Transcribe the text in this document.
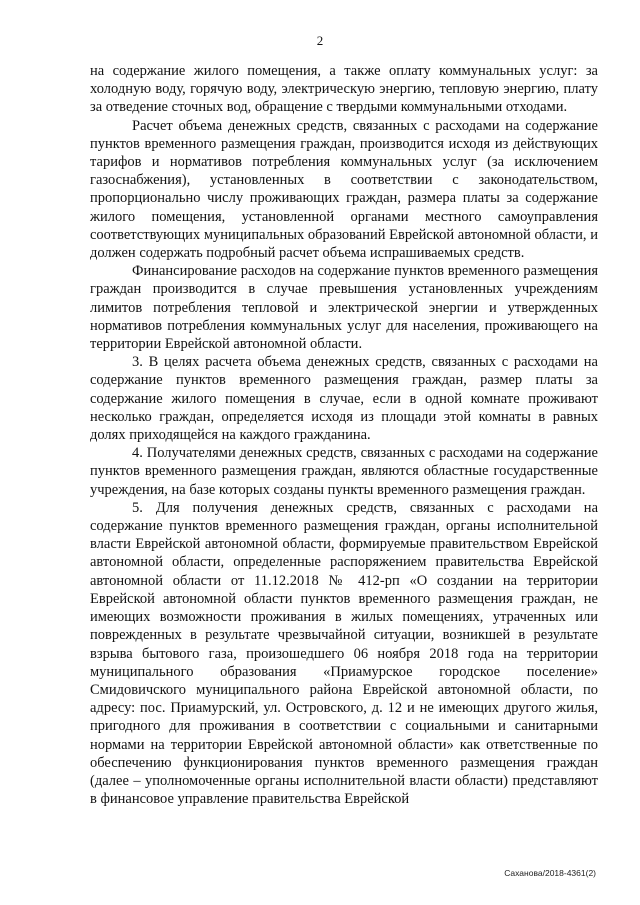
2

на содержание жилого помещения, а также оплату коммунальных услуг: за холодную воду, горячую воду, электрическую энергию, тепловую энергию, плату за отведение сточных вод, обращение с твердыми коммунальными отходами.

Расчет объема денежных средств, связанных с расходами на содержание пунктов временного размещения граждан, производится исходя из действующих тарифов и нормативов потребления коммунальных услуг (за исключением газоснабжения), установленных в соответствии с законодательством, пропорционально числу проживающих граждан, размера платы за содержание жилого помещения, установленной органами местного самоуправления соответствующих муниципальных образований Еврейской автономной области, и должен содержать подробный расчет объема испрашиваемых средств.

Финансирование расходов на содержание пунктов временного размещения граждан производится в случае превышения установленных учреждениям лимитов потребления тепловой и электрической энергии и утвержденных нормативов потребления коммунальных услуг для населения, проживающего на территории Еврейской автономной области.

3. В целях расчета объема денежных средств, связанных с расходами на содержание пунктов временного размещения граждан, размер платы за содержание жилого помещения в случае, если в одной комнате проживают несколько граждан, определяется исходя из площади этой комнаты в равных долях приходящейся на каждого гражданина.

4. Получателями денежных средств, связанных с расходами на содержание пунктов временного размещения граждан, являются областные государственные учреждения, на базе которых созданы пункты временного размещения граждан.

5. Для получения денежных средств, связанных с расходами на содержание пунктов временного размещения граждан, органы исполнительной власти Еврейской автономной области, формируемые правительством Еврейской автономной области, определенные распоряжением правительства Еврейской автономной области от 11.12.2018 № 412-рп «О создании на территории Еврейской автономной области пунктов временного размещения граждан, не имеющих возможности проживания в жилых помещениях, утраченных или поврежденных в результате чрезвычайной ситуации, возникшей в результате взрыва бытового газа, произошедшего 06 ноября 2018 года на территории муниципального образования «Приамурское городское поселение» Смидовичского муниципального района Еврейской автономной области, по адресу: пос. Приамурский, ул. Островского, д. 12 и не имеющих другого жилья, пригодного для проживания в соответствии с социальными и санитарными нормами на территории Еврейской автономной области» как ответственные по обеспечению функционирования пунктов временного размещения граждан (далее – уполномоченные органы исполнительной власти области) представляют в финансовое управление правительства Еврейской

Саханова/2018-4361(2)
